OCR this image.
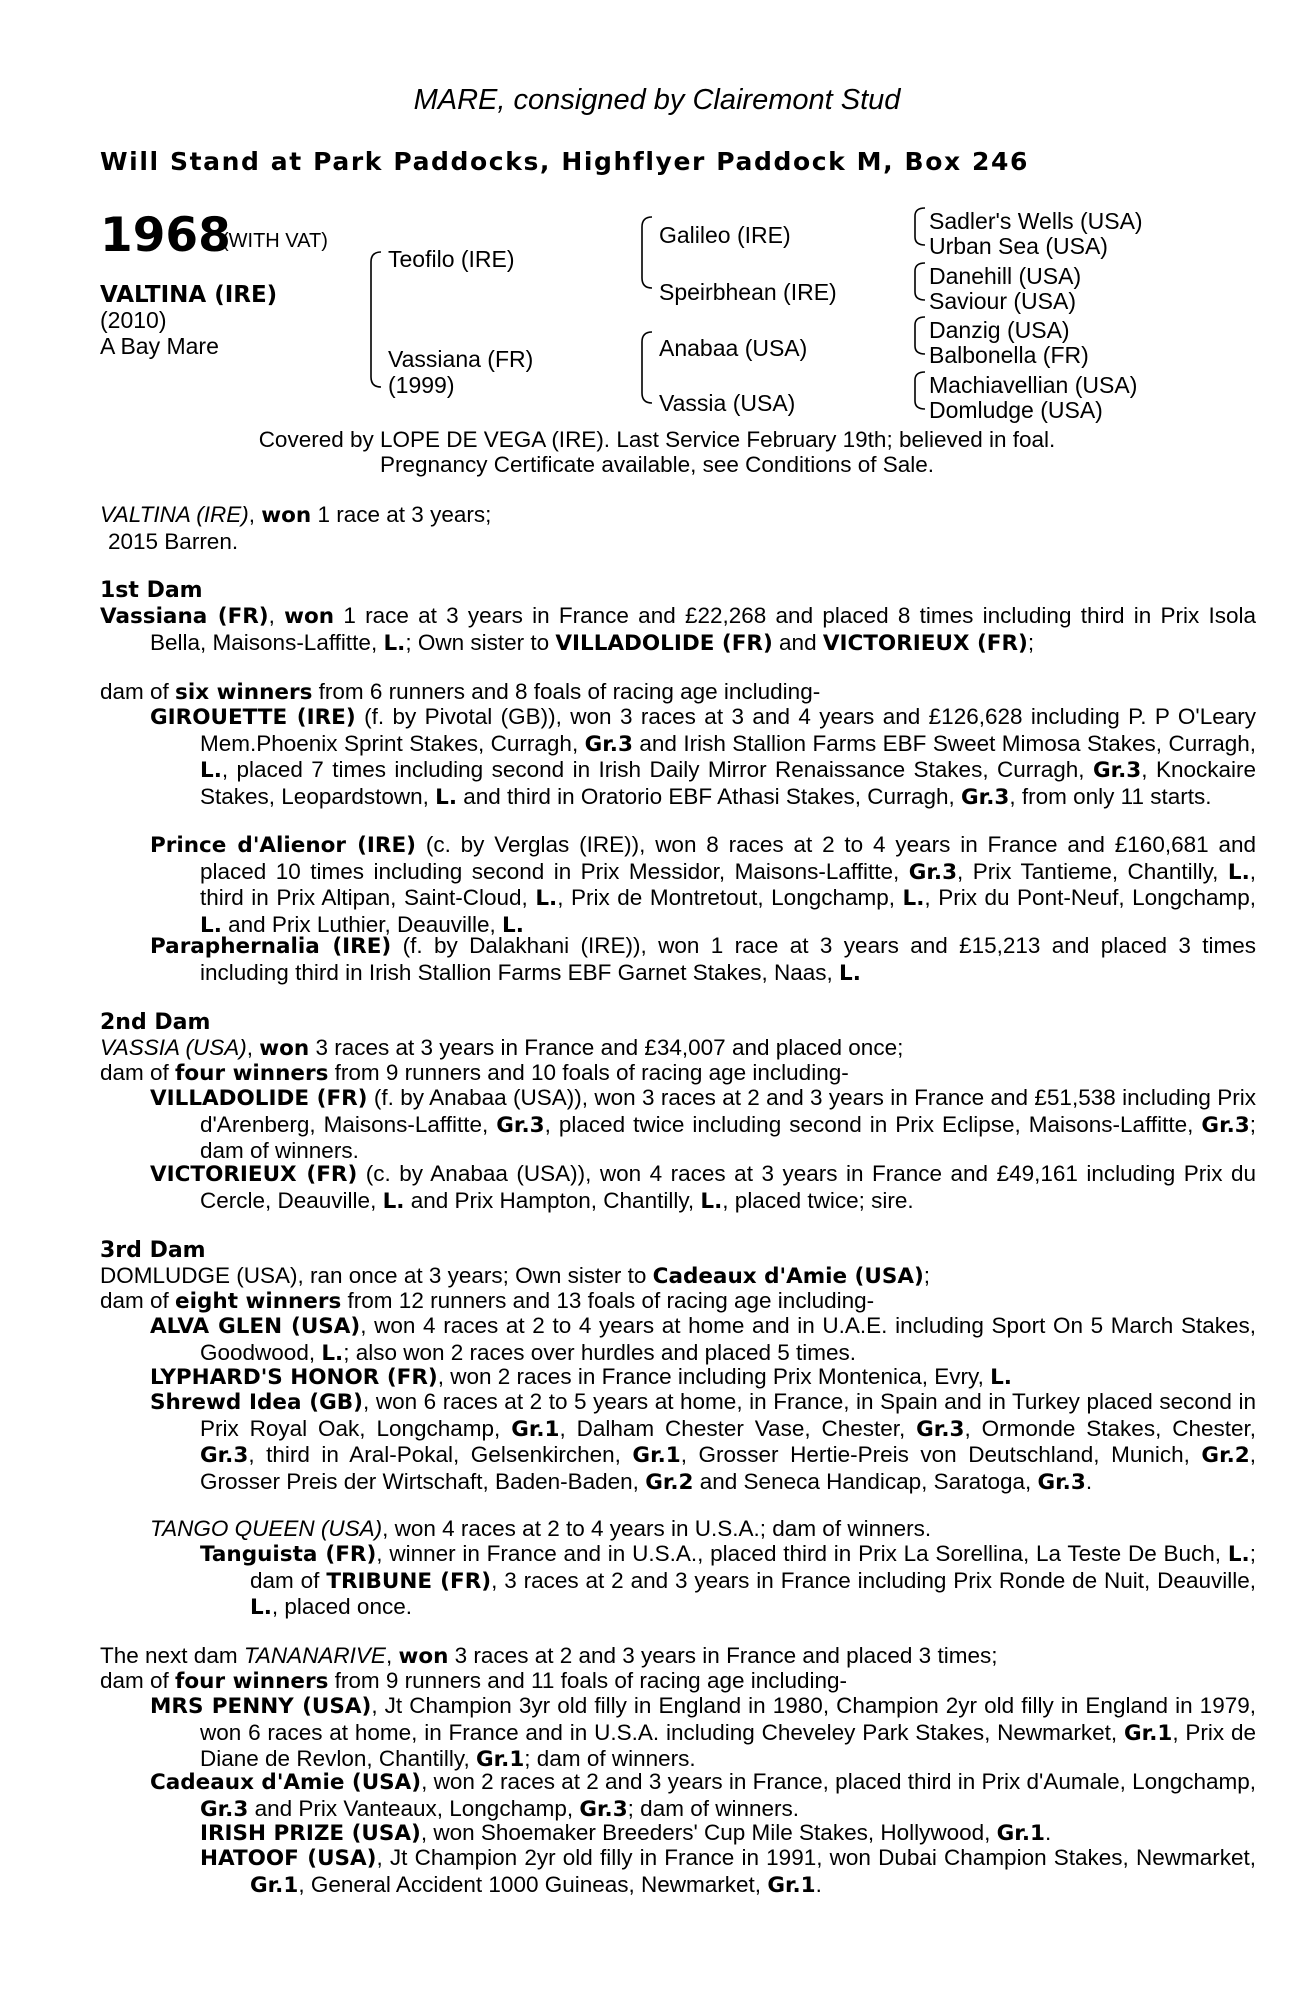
MARE, consigned by Clairemont Stud
Will Stand at Park Paddocks, Highflyer Paddock M, Box 246
1968
(WITH VAT)
VALTINA (IRE)
(2010)
A Bay Mare
Teofilo (IRE)
Vassiana (FR)
(1999)
Galileo (IRE)
Speirbhean (IRE)
Anabaa (USA)
Vassia (USA)
Sadler's Wells (USA)
Urban Sea (USA)
Danehill (USA)
Saviour (USA)
Danzig (USA)
Balbonella (FR)
Machiavellian (USA)
Domludge (USA)
Covered by LOPE DE VEGA (IRE). Last Service February 19th; believed in foal.
Pregnancy Certificate available, see Conditions of Sale.
VALTINA (IRE), won 1 race at 3 years;
2015 Barren.
1st Dam
Vassiana (FR), won 1 race at 3 years in France and £22,268 and placed 8 times including third in Prix Isola Bella, Maisons-Laffitte, L.; Own sister to VILLADOLIDE (FR) and VICTORIEUX (FR);
dam of six winners from 6 runners and 8 foals of racing age including-
GIROUETTE (IRE) (f. by Pivotal (GB)), won 3 races at 3 and 4 years and £126,628 including P. P O'Leary Mem.Phoenix Sprint Stakes, Curragh, Gr.3 and Irish Stallion Farms EBF Sweet Mimosa Stakes, Curragh, L., placed 7 times including second in Irish Daily Mirror Renaissance Stakes, Curragh, Gr.3, Knockaire Stakes, Leopardstown, L. and third in Oratorio EBF Athasi Stakes, Curragh, Gr.3, from only 11 starts.
Prince d'Alienor (IRE) (c. by Verglas (IRE)), won 8 races at 2 to 4 years in France and £160,681 and placed 10 times including second in Prix Messidor, Maisons-Laffitte, Gr.3, Prix Tantieme, Chantilly, L., third in Prix Altipan, Saint-Cloud, L., Prix de Montretout, Longchamp, L., Prix du Pont-Neuf, Longchamp, L. and Prix Luthier, Deauville, L.
Paraphernalia (IRE) (f. by Dalakhani (IRE)), won 1 race at 3 years and £15,213 and placed 3 times including third in Irish Stallion Farms EBF Garnet Stakes, Naas, L.
2nd Dam
VASSIA (USA), won 3 races at 3 years in France and £34,007 and placed once;
dam of four winners from 9 runners and 10 foals of racing age including-
VILLADOLIDE (FR) (f. by Anabaa (USA)), won 3 races at 2 and 3 years in France and £51,538 including Prix d'Arenberg, Maisons-Laffitte, Gr.3, placed twice including second in Prix Eclipse, Maisons-Laffitte, Gr.3; dam of winners.
VICTORIEUX (FR) (c. by Anabaa (USA)), won 4 races at 3 years in France and £49,161 including Prix du Cercle, Deauville, L. and Prix Hampton, Chantilly, L., placed twice; sire.
3rd Dam
DOMLUDGE (USA), ran once at 3 years; Own sister to Cadeaux d'Amie (USA);
dam of eight winners from 12 runners and 13 foals of racing age including-
ALVA GLEN (USA), won 4 races at 2 to 4 years at home and in U.A.E. including Sport On 5 March Stakes, Goodwood, L.; also won 2 races over hurdles and placed 5 times.
LYPHARD'S HONOR (FR), won 2 races in France including Prix Montenica, Evry, L.
Shrewd Idea (GB), won 6 races at 2 to 5 years at home, in France, in Spain and in Turkey placed second in Prix Royal Oak, Longchamp, Gr.1, Dalham Chester Vase, Chester, Gr.3, Ormonde Stakes, Chester, Gr.3, third in Aral-Pokal, Gelsenkirchen, Gr.1, Grosser Hertie-Preis von Deutschland, Munich, Gr.2, Grosser Preis der Wirtschaft, Baden-Baden, Gr.2 and Seneca Handicap, Saratoga, Gr.3.
TANGO QUEEN (USA), won 4 races at 2 to 4 years in U.S.A.; dam of winners.
Tanguista (FR), winner in France and in U.S.A., placed third in Prix La Sorellina, La Teste De Buch, L.; dam of TRIBUNE (FR), 3 races at 2 and 3 years in France including Prix Ronde de Nuit, Deauville, L., placed once.
The next dam TANANARIVE, won 3 races at 2 and 3 years in France and placed 3 times;
dam of four winners from 9 runners and 11 foals of racing age including-
MRS PENNY (USA), Jt Champion 3yr old filly in England in 1980, Champion 2yr old filly in England in 1979, won 6 races at home, in France and in U.S.A. including Cheveley Park Stakes, Newmarket, Gr.1, Prix de Diane de Revlon, Chantilly, Gr.1; dam of winners.
Cadeaux d'Amie (USA), won 2 races at 2 and 3 years in France, placed third in Prix d'Aumale, Longchamp, Gr.3 and Prix Vanteaux, Longchamp, Gr.3; dam of winners.
IRISH PRIZE (USA), won Shoemaker Breeders' Cup Mile Stakes, Hollywood, Gr.1.
HATOOF (USA), Jt Champion 2yr old filly in France in 1991, won Dubai Champion Stakes, Newmarket, Gr.1, General Accident 1000 Guineas, Newmarket, Gr.1.
